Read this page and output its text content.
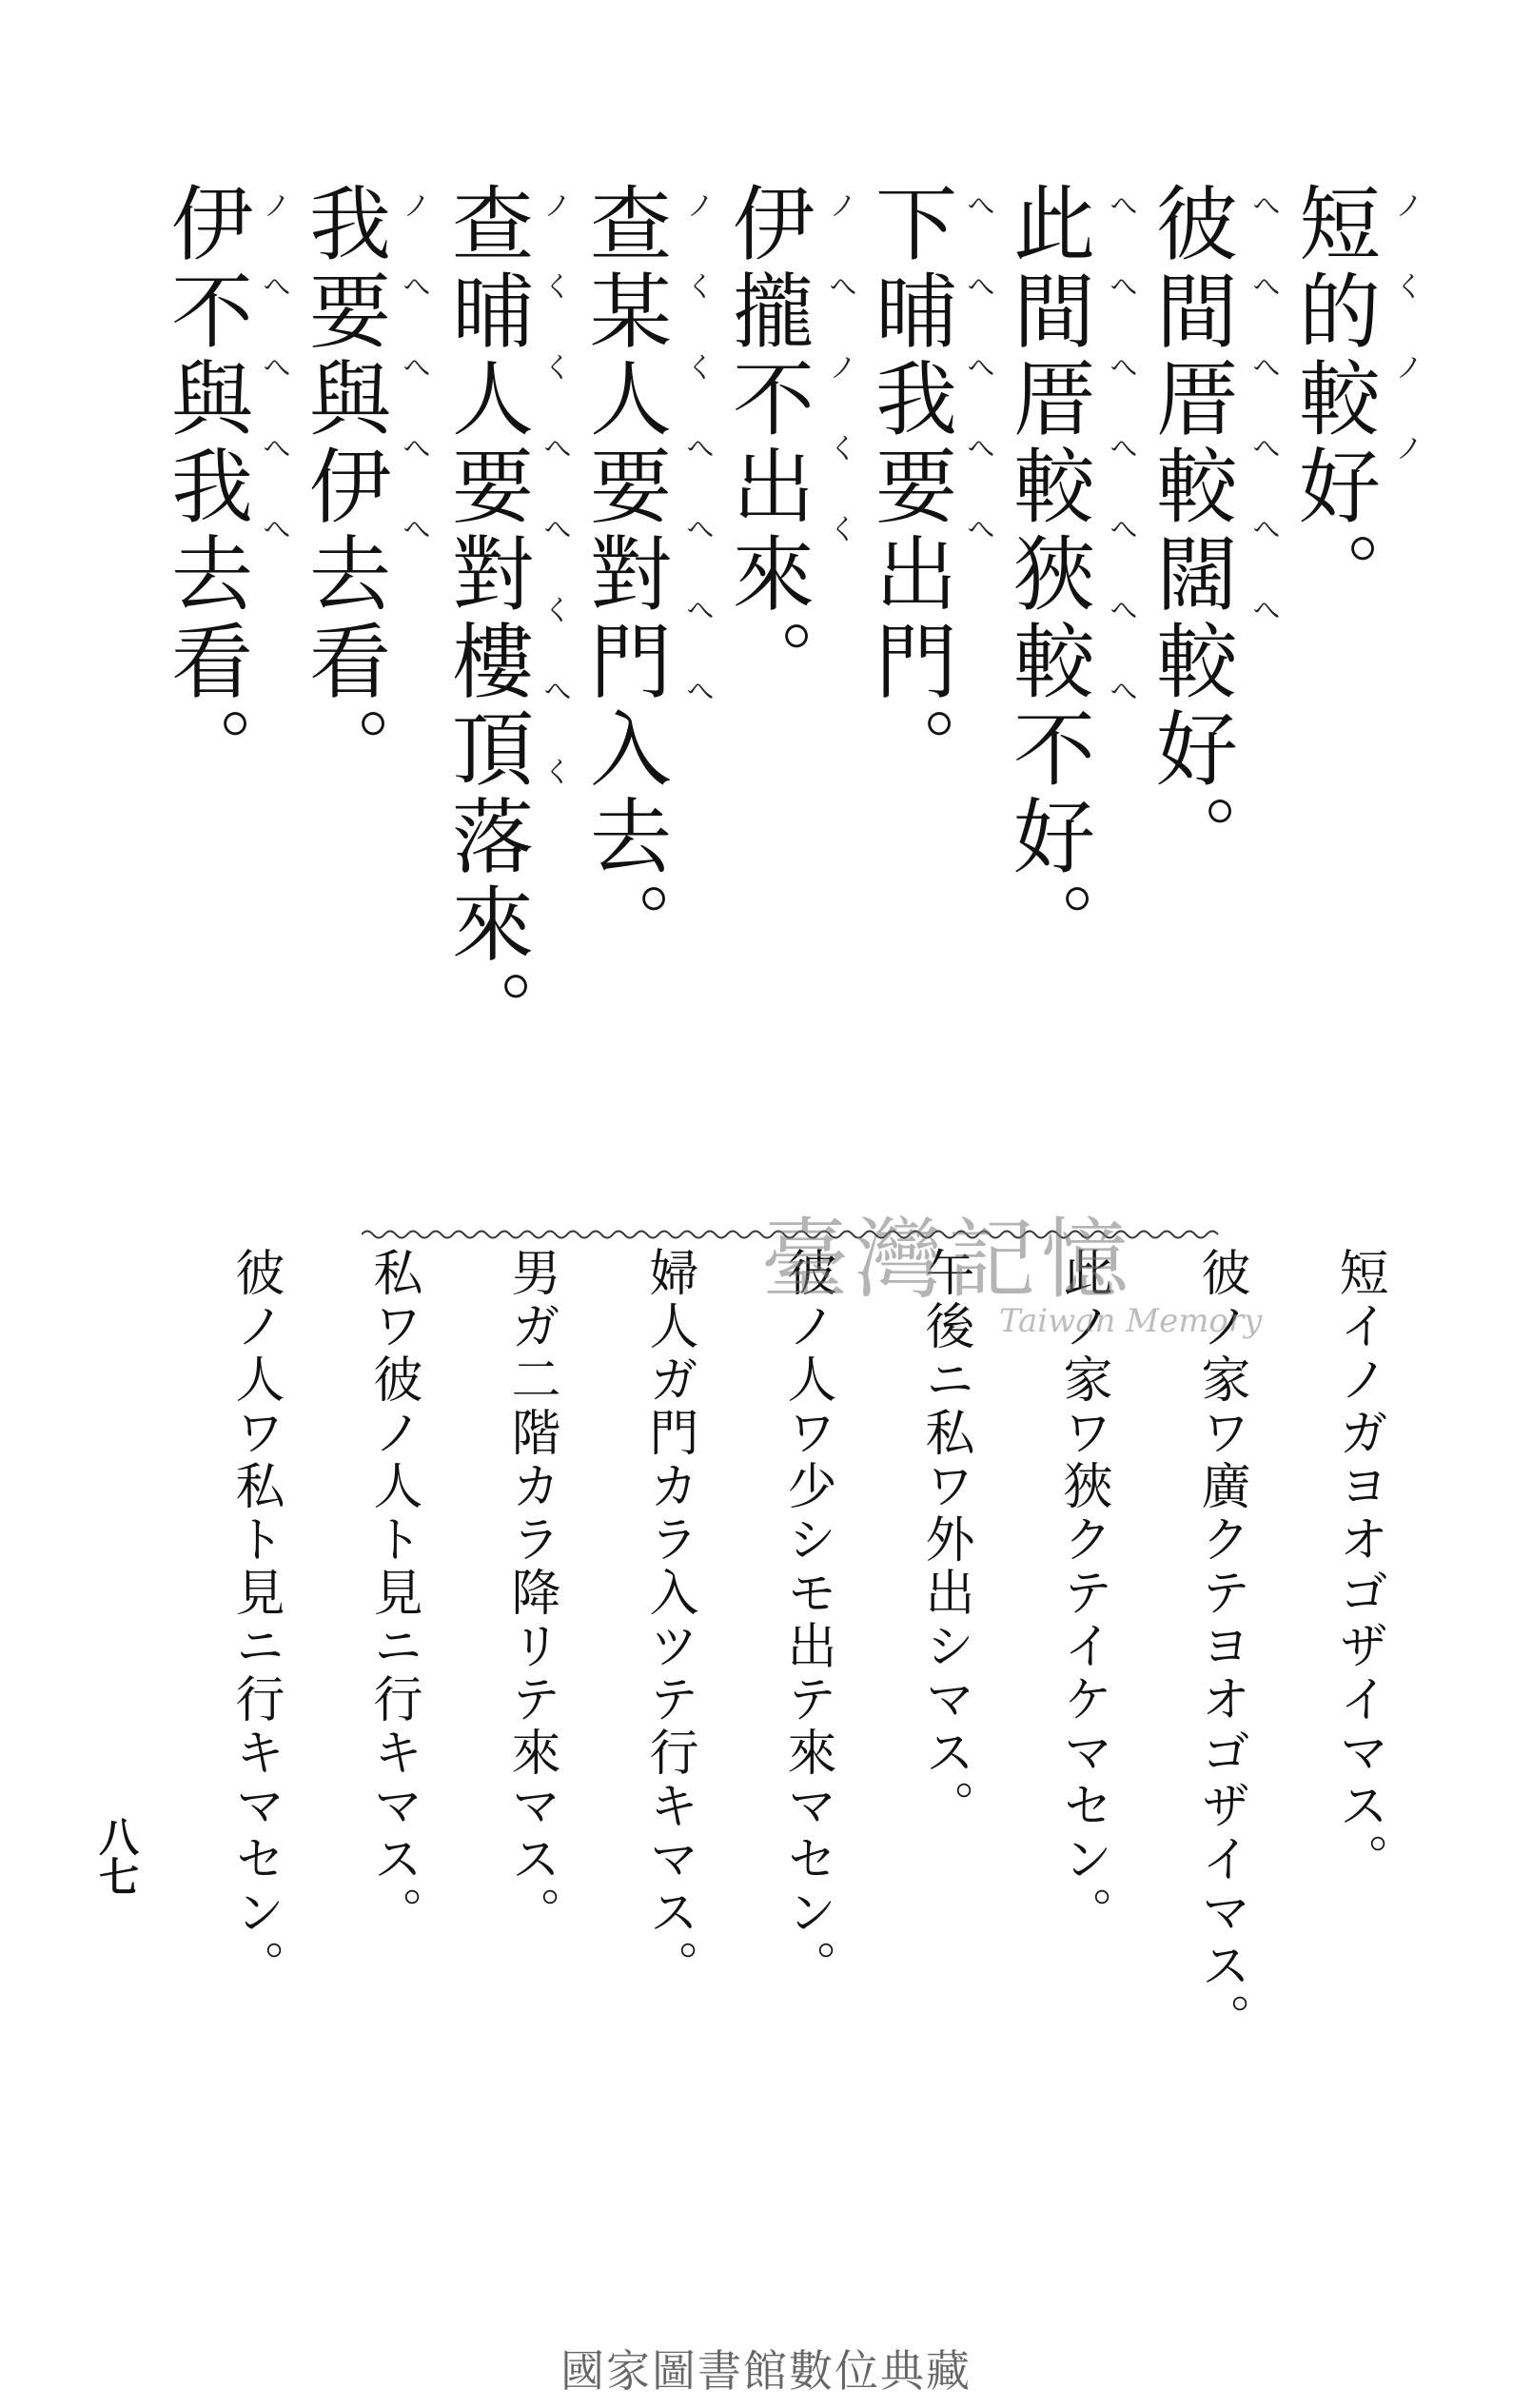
短的較好。 ノくノノ
彼間厝較闊較好。 へへへへへへ
此間厝較狹較不好。 へへへへへへへ
下晡我要出門。 へへへへへ
伊攏不出來。 ノへノくく
查某人要對門入去。 ノくくへへへへ
查晡人要對樓頂落來。 ノくくへへくへく
我要與伊去看。 ノへへへへ
伊不與我去看。 ノへへへへ
短イノガヨオゴザイマス。
彼ノ家ワ廣クテヨオゴザイマス。
此ノ家ワ狹クテイケマセン。
午後ニ私ワ外出シマス。
彼ノ人ワ少シモ出テ來マセン。
婦人ガ門カラ入ツテ行キマス。
男ガ二階カラ降リテ來マス。
私ワ彼ノ人ト見ニ行キマス。
彼ノ人ワ私ト見ニ行キマセン。
八七
臺灣記憶
Taiwan Memory
國家圖書館數位典藏
